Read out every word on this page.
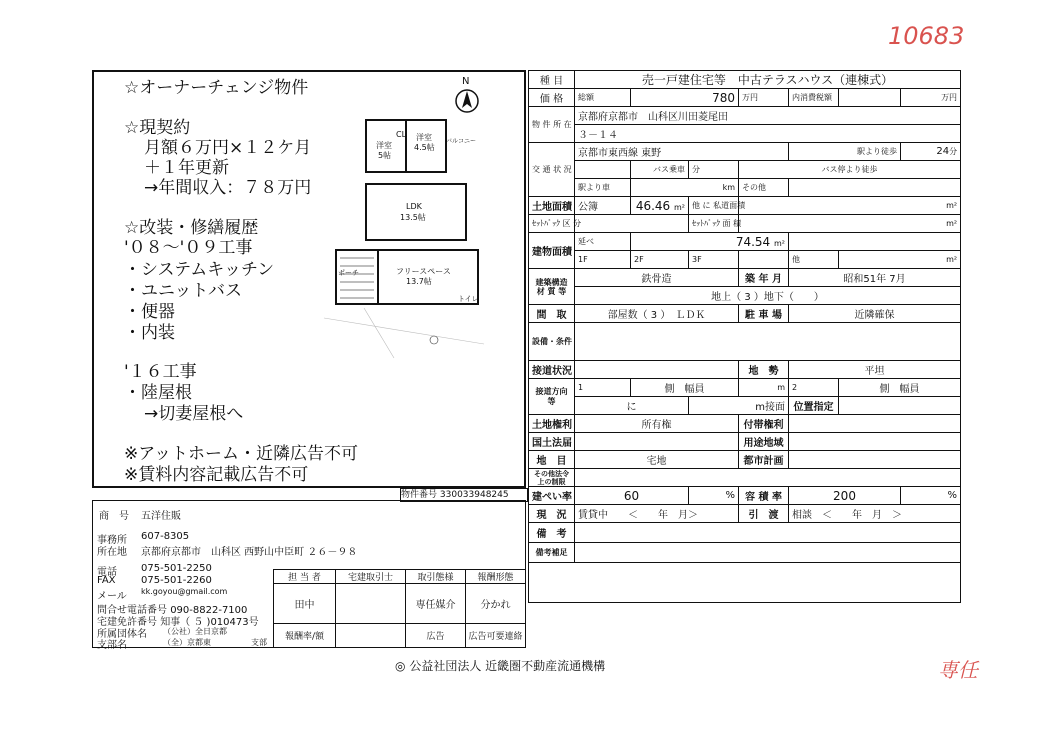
10683
専任
☆オーナーチェンジ物件
☆現契約
月額６万円×１２ケ月
＋１年更新
→年間収入：７８万円
☆改装・修繕履歴
'０８～'０９工事
・システムキッチン
・ユニットバス
・便器
・内装
'１６工事
・陸屋根
→切妻屋根へ
※アットホーム・近隣広告不可
※賃料内容記載広告不可
N
洋室
5帖
洋室
4.5帖
CL
バルコニー
LDK
13.5帖
フリースペース
13.7帖
ポーチ
トイレ
物件番号 330033948245
商　号 五洋住販
事務所 607-8305
所在地 京都府京都市　山科区 西野山中臣町 ２６－９８
電話 075-501-2250
FAX	075-501-2260
メール kk.goyou@gmail.com
問合せ電話番号 090-8822-7100
宅建免許番号 知事（ ５ )010473号
所属団体名 （公社）全日京都
支部名	（全）京都東	支部
担 当 者	宅建取引士	取引態様	報酬形態
田中		専任媒介	分かれ
報酬率/額		広告	広告可要連絡
種 目	売一戸建住宅等　中古テラスハウス（連棟式）						
価 格	総額	780		万円	内消費税額		万円
物 件 所 在	京都府京都市　山科区川田菱尾田						
	３－１４						
交 通 状 況	京都市東西線 東野				駅より徒歩		24分
		バス乗車	分	バス停より徒歩			
	駅より車	km		その他			
土地面積	公簿	46.46 m²	他 に 私道面積	m²			
ｾｯﾄﾊﾞｯｸ 区 分			ｾｯﾄﾊﾞｯｸ 面 積	m²			
建物面積	延べ	74.54 m²					
	1F	2F	3F		他	m²	
建築構造 材 質 等	鉄骨造			築 年 月	昭和51年 7月		
	地上（ 3 ）地下（　　）						
間　取	部屋数（ 3 ）　ＬＤＫ			駐 車 場	近隣確保		
設備・条件							
接道状況				地　勢	平坦		
接道方向 等	1	側　幅員		m	2	側　幅員	
	に		m接面		位置指定		
土地権利	所有権			付帯権利			
国土法届				用途地域			
地　目	宅地			都市計画			
その他法令 上の制限							
建ぺい率	60		%	容 積 率	200		%
現　況	賃貸中　　＜　　年　月＞			引　渡	相談　＜　　年　月　＞		
備　考							
備考補足							

◎ 公益社団法人 近畿圏不動産流通機構
